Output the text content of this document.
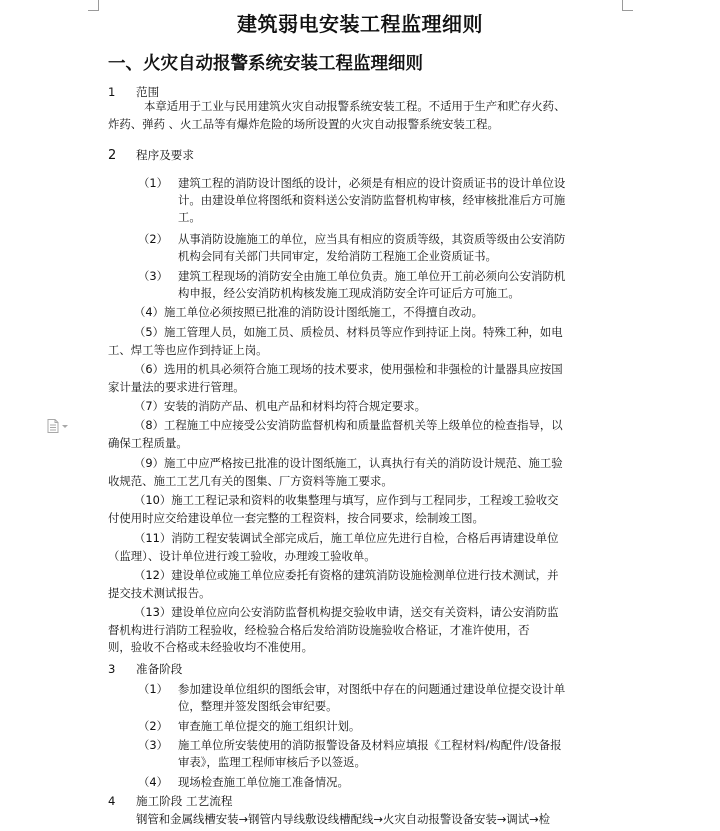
建筑弱电安装工程监理细则
一、火灾自动报警系统安装工程监理细则
1 范围
本章适用于工业与民用建筑火灾自动报警系统安装工程。不适用于生产和贮存火药、
炸药、弹药 、火工品等有爆炸危险的场所设置的火灾自动报警系统安装工程。
2 程序及要求
（1） 建筑工程的消防设计图纸的设计，必须是有相应的设计资质证书的设计单位设
计。由建设单位将图纸和资料送公安消防监督机构审核，经审核批准后方可施
工。
（2） 从事消防设施施工的单位，应当具有相应的资质等级，其资质等级由公安消防
机构会同有关部门共同审定，发给消防工程施工企业资质证书。
（3） 建筑工程现场的消防安全由施工单位负责。施工单位开工前必须向公安消防机
构申报，经公安消防机构核发施工现成消防安全许可证后方可施工。
（4）施工单位必须按照已批准的消防设计图纸施工，不得擅自改动。
（5）施工管理人员，如施工员、质检员、材料员等应作到持证上岗。特殊工种，如电
工、焊工等也应作到持证上岗。
（6）选用的机具必须符合施工现场的技术要求，使用强检和非强检的计量器具应按国
家计量法的要求进行管理。
（7）安装的消防产品、机电产品和材料均符合规定要求。
（8）工程施工中应接受公安消防监督机构和质量监督机关等上级单位的检查指导，以
确保工程质量。
（9）施工中应严格按已批准的设计图纸施工，认真执行有关的消防设计规范、施工验
收规范、施工工艺几有关的图集、厂方资料等施工要求。
（10）施工工程记录和资料的收集整理与填写，应作到与工程同步，工程竣工验收交
付使用时应交给建设单位一套完整的工程资料，按合同要求，绘制竣工图。
（11）消防工程安装调试全部完成后，施工单位应先进行自检，合格后再请建设单位
（监理）、设计单位进行竣工验收，办理竣工验收单。
（12）建设单位或施工单位应委托有资格的建筑消防设施检测单位进行技术测试，并
提交技术测试报告。
（13）建设单位应向公安消防监督机构提交验收申请，送交有关资料，请公安消防监
督机构进行消防工程验收，经检验合格后发给消防设施验收合格证，才准许使用，否
则，验收不合格或未经验收均不准使用。
3 准备阶段
（1） 参加建设单位组织的图纸会审，对图纸中存在的问题通过建设单位提交设计单
位，整理并签发图纸会审纪要。
（2） 审查施工单位提交的施工组织计划。
（3） 施工单位所安装使用的消防报警设备及材料应填报《工程材料/构配件/设备报
审表》，监理工程师审核后予以签返。
（4） 现场检查施工单位施工准备情况。
4 施工阶段 工艺流程
钢管和金属线槽安装→钢管内导线敷设线槽配线→火灾自动报警设备安装→调试→检
